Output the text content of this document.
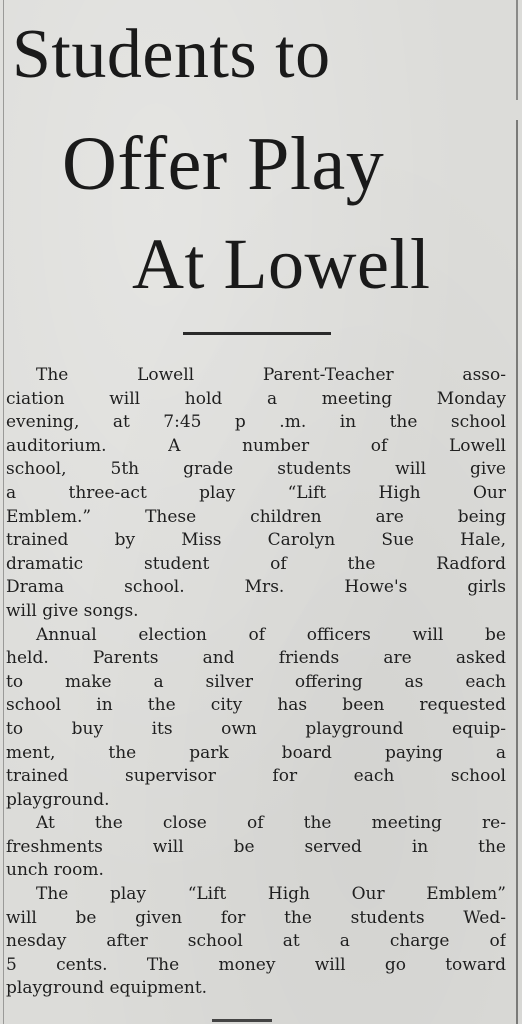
Students to
Offer Play
At Lowell
The Lowell Parent-Teacher asso-
ciation will hold a meeting Monday
evening, at 7:45 p .m. in the school
auditorium. A number of Lowell
school, 5th grade students will give
a three-act play “Lift High Our
Emblem.” These children are being
trained by Miss Carolyn Sue Hale,
dramatic student of the Radford
Drama school. Mrs. Howe's girls
will give songs.
Annual election of officers will be
held. Parents and friends are asked
to make a silver offering as each
school in the city has been requested
to buy its own playground equip-
ment, the park board paying a
trained supervisor for each school
playground.
At the close of the meeting re-
freshments will be served in the
unch room.
The play “Lift High Our Emblem”
will be given for the students Wed-
nesday after school at a charge of
5 cents. The money will go toward
playground equipment.
